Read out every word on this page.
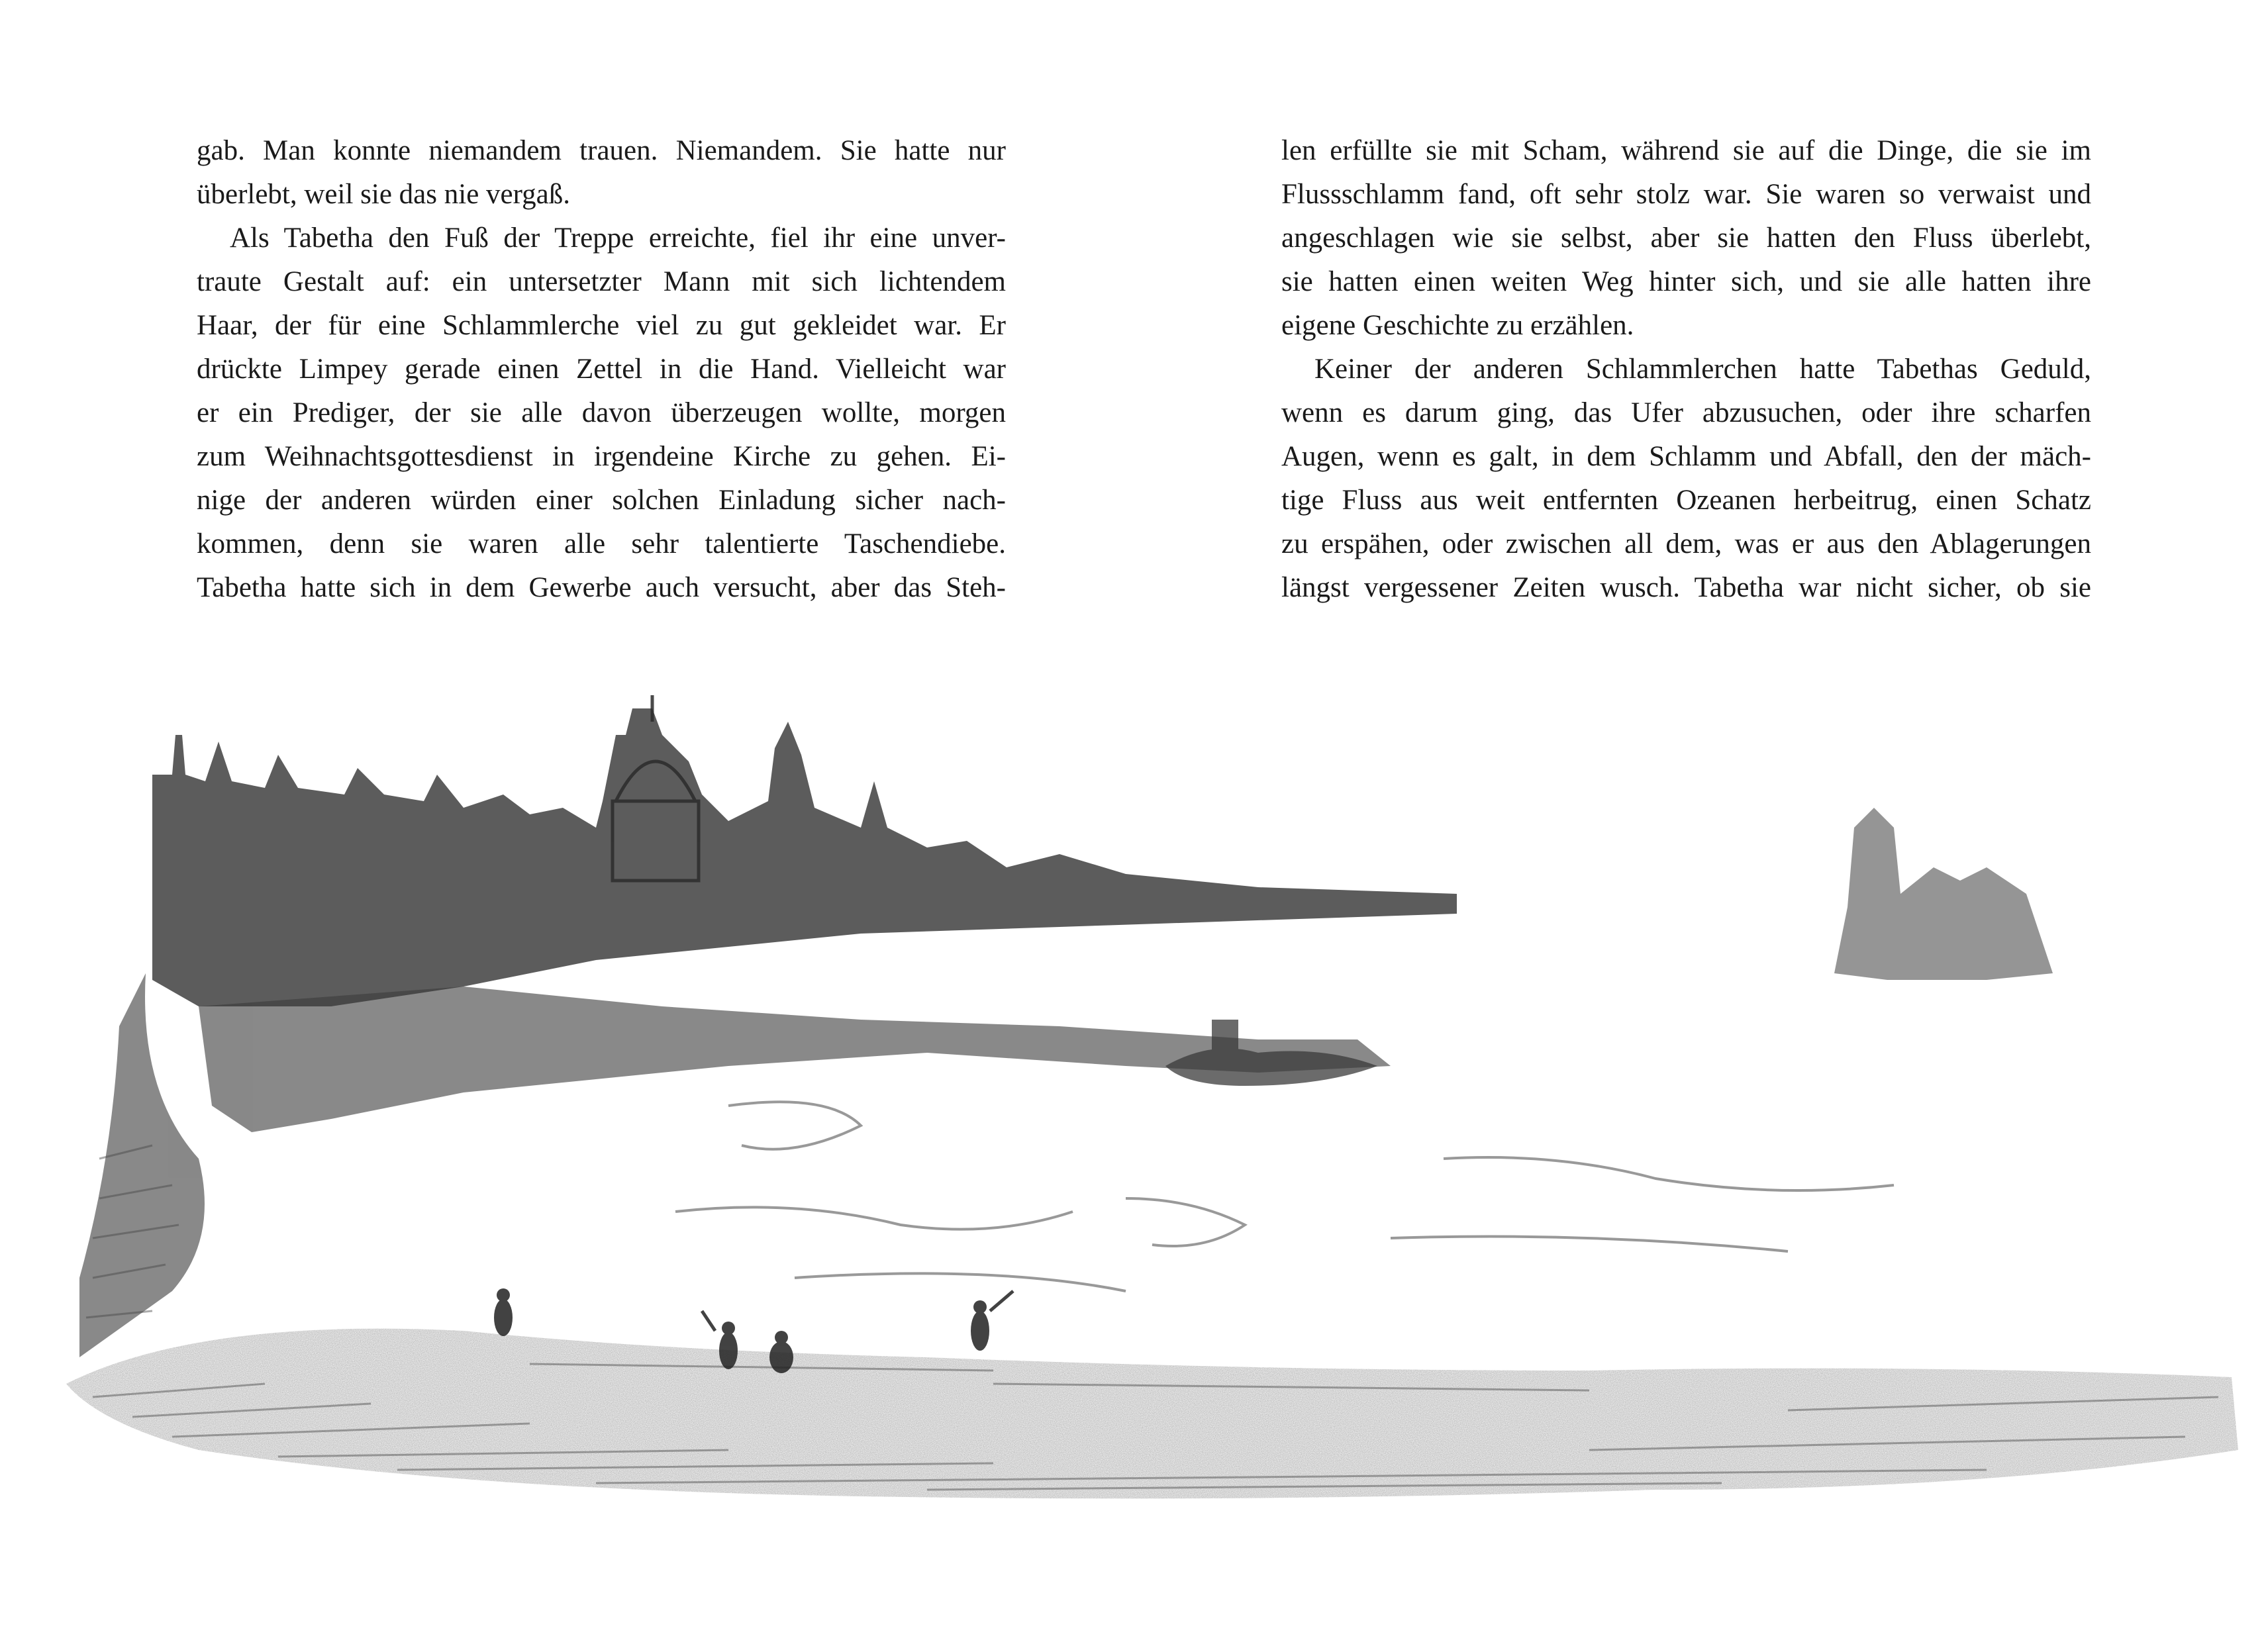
gab. Man konnte niemandem trauen. Niemandem. Sie hatte nur
überlebt, weil sie das nie vergaß.
Als Tabetha den Fuß der Treppe erreichte, fiel ihr eine unver-
traute Gestalt auf: ein untersetzter Mann mit sich lichtendem
Haar, der für eine Schlammlerche viel zu gut gekleidet war. Er
drückte Limpey gerade einen Zettel in die Hand. Vielleicht war
er ein Prediger, der sie alle davon überzeugen wollte, morgen
zum Weihnachtsgottesdienst in irgendeine Kirche zu gehen. Ei-
nige der anderen würden einer solchen Einladung sicher nach-
kommen, denn sie waren alle sehr talentierte Taschendiebe.
Tabetha hatte sich in dem Gewerbe auch versucht, aber das Steh-
len erfüllte sie mit Scham, während sie auf die Dinge, die sie im
Flussschlamm fand, oft sehr stolz war. Sie waren so verwaist und
angeschlagen wie sie selbst, aber sie hatten den Fluss überlebt,
sie hatten einen weiten Weg hinter sich, und sie alle hatten ihre
eigene Geschichte zu erzählen.
Keiner der anderen Schlammlerchen hatte Tabethas Geduld,
wenn es darum ging, das Ufer abzusuchen, oder ihre scharfen
Augen, wenn es galt, in dem Schlamm und Abfall, den der mäch-
tige Fluss aus weit entfernten Ozeanen herbeitrug, einen Schatz
zu erspähen, oder zwischen all dem, was er aus den Ablagerungen
längst vergessener Zeiten wusch. Tabetha war nicht sicher, ob sie
